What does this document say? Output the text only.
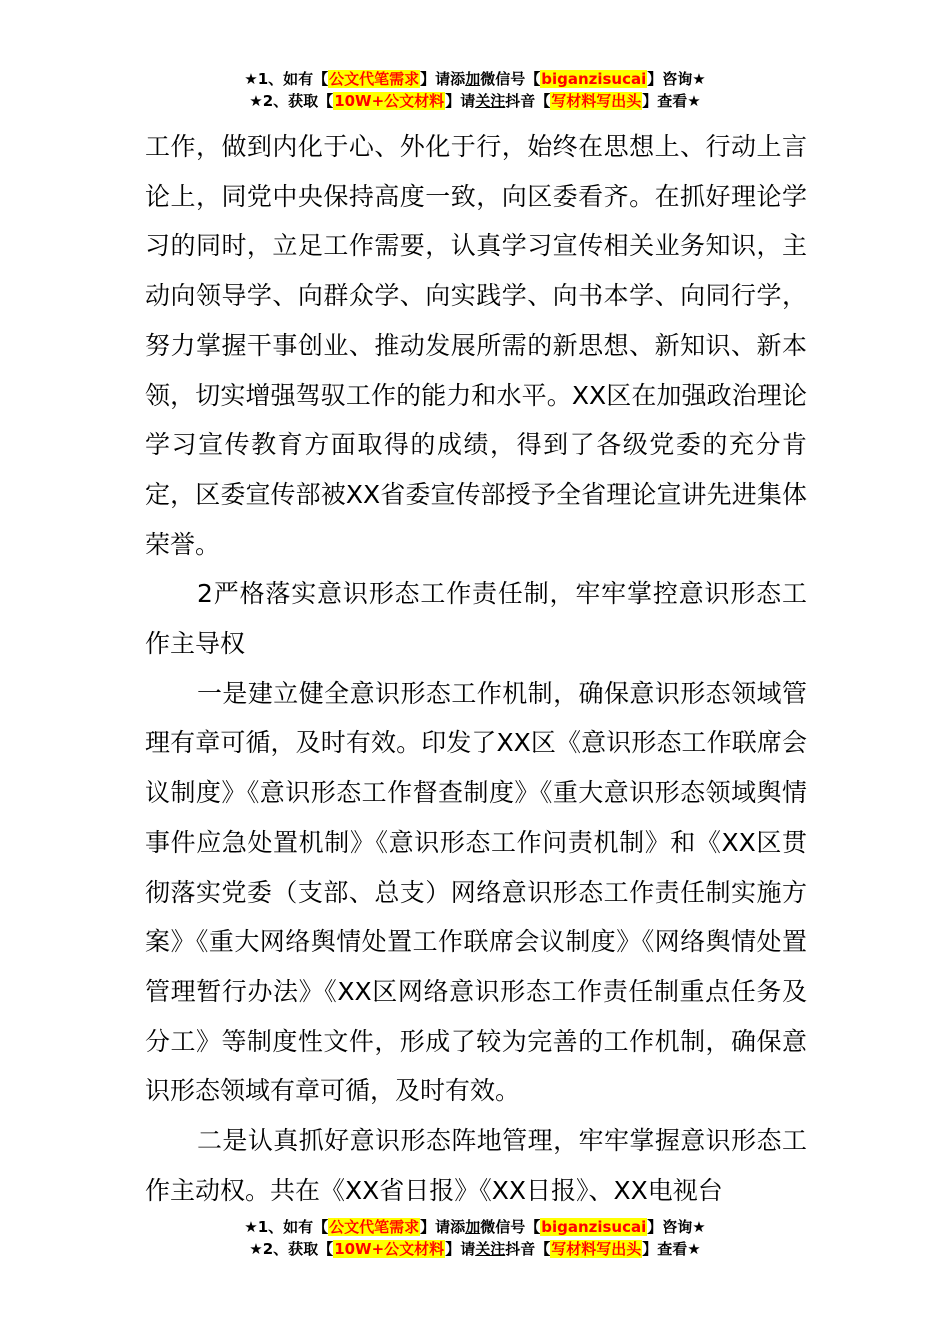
★1、如有【公文代笔需求】请添加微信号【biganzisucai】咨询★
★2、获取【10W+公文材料】请关注抖音【写材料写出头】查看★

工作，做到内化于心、外化于行，始终在思想上、行动上言论上，同党中央保持高度一致，向区委看齐。在抓好理论学习的同时，立足工作需要，认真学习宣传相关业务知识，主动向领导学、向群众学、向实践学、向书本学、向同行学，努力掌握干事创业、推动发展所需的新思想、新知识、新本领，切实增强驾驭工作的能力和水平。XX区在加强政治理论学习宣传教育方面取得的成绩，得到了各级党委的充分肯定，区委宣传部被XX省委宣传部授予全省理论宣讲先进集体荣誉。

2严格落实意识形态工作责任制，牢牢掌控意识形态工作主导权

一是建立健全意识形态工作机制，确保意识形态领域管理有章可循，及时有效。印发了XX区《意识形态工作联席会议制度》《意识形态工作督查制度》《重大意识形态领域舆情事件应急处置机制》《意识形态工作问责机制》和《XX区贯彻落实党委（支部、总支）网络意识形态工作责任制实施方案》《重大网络舆情处置工作联席会议制度》《网络舆情处置管理暂行办法》《XX区网络意识形态工作责任制重点任务及分工》等制度性文件，形成了较为完善的工作机制，确保意识形态领域有章可循，及时有效。

二是认真抓好意识形态阵地管理，牢牢掌握意识形态工作主动权。共在《XX省日报》《XX日报》、XX电视台

★1、如有【公文代笔需求】请添加微信号【biganzisucai】咨询★
★2、获取【10W+公文材料】请关注抖音【写材料写出头】查看★
